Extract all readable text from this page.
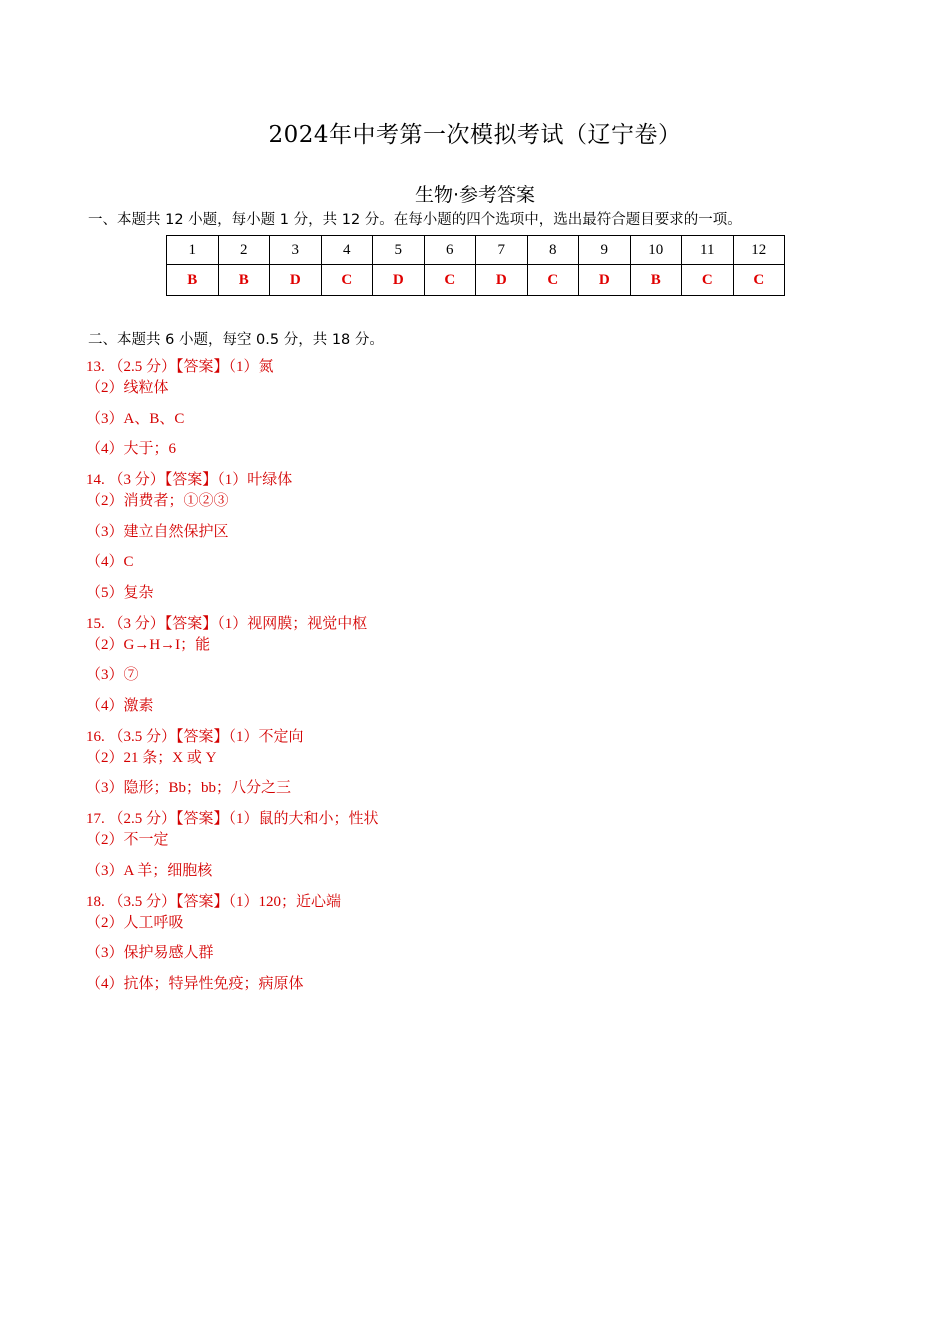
2024年中考第一次模拟考试（辽宁卷）
生物·参考答案
一、本题共 12 小题，每小题 1 分，共 12 分。在每小题的四个选项中，选出最符合题目要求的一项。
1	2	3	4	5	6	7	8	9	10	11	12
B	B	D	C	D	C	D	C	D	B	C	C
二、本题共 6 小题，每空 0.5 分，共 18 分。
13. （2.5 分）【答案】（1）氮
（2）线粒体
（3）A、B、C
（4）大于；6
14. （3 分）【答案】（1）叶绿体
（2）消费者；①②③
（3）建立自然保护区
（4）C
（5）复杂
15. （3 分）【答案】（1）视网膜；视觉中枢
（2）G→H→I；能
（3）⑦
（4）激素
16. （3.5 分）【答案】（1）不定向
（2）21 条；X 或 Y
（3）隐形；Bb；bb；八分之三
17. （2.5 分）【答案】（1）鼠的大和小；性状
（2）不一定
（3）A 羊；细胞核
18. （3.5 分）【答案】（1）120；近心端
（2）人工呼吸
（3）保护易感人群
（4）抗体；特异性免疫；病原体
